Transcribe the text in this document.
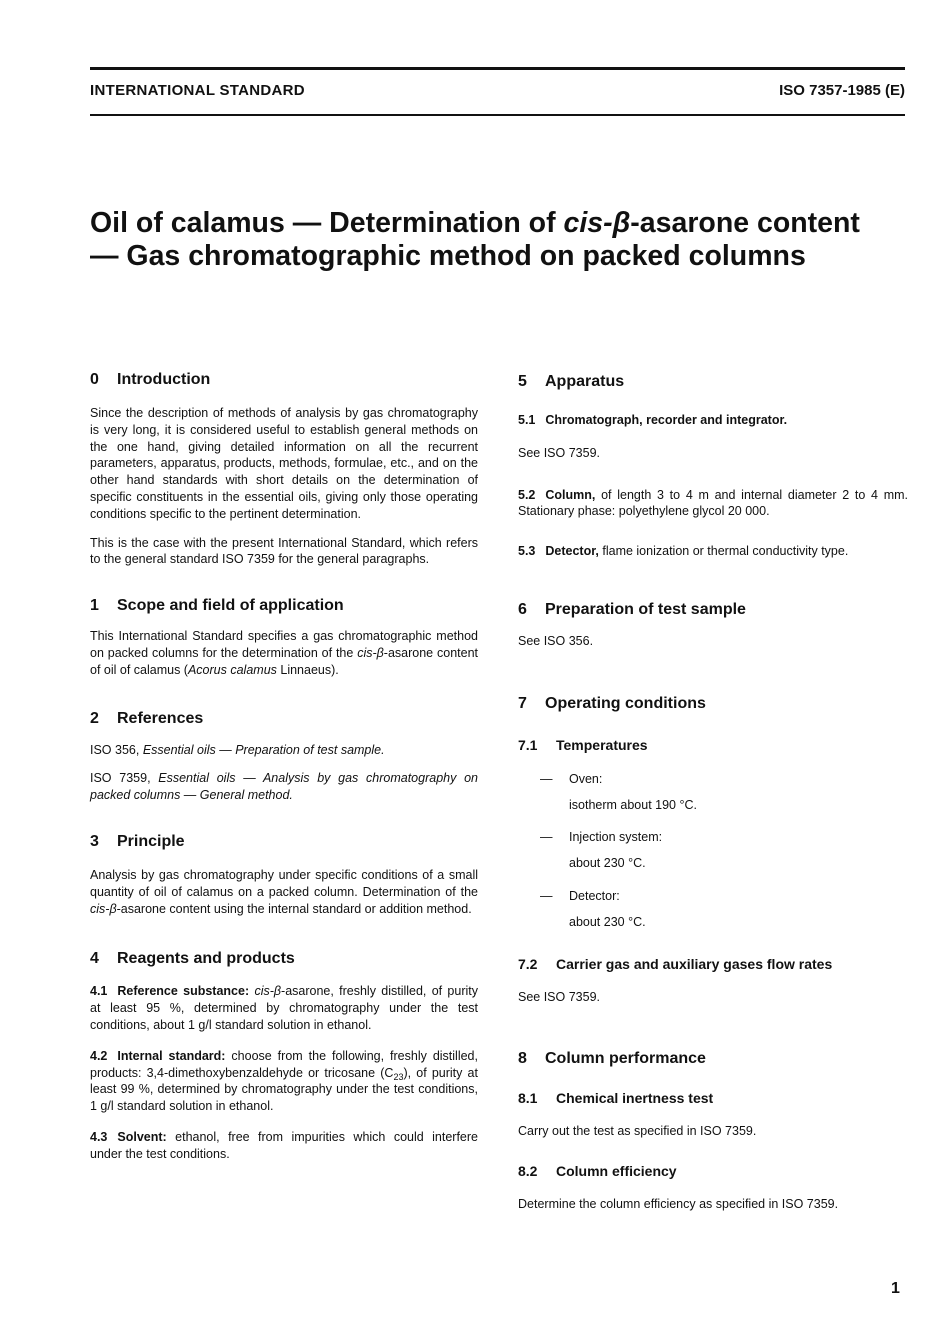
INTERNATIONAL STANDARD	ISO 7357-1985 (E)
Oil of calamus — Determination of cis-β-asarone content — Gas chromatographic method on packed columns
0	Introduction

Since the description of methods of analysis by gas chromatography is very long, it is considered useful to establish general methods on the one hand, giving detailed information on all the recurrent parameters, apparatus, products, methods, formulae, etc., and on the other hand standards with short details on the determination of specific constituents in the essential oils, giving only those operating conditions specific to the pertinent determination.

This is the case with the present International Standard, which refers to the general standard ISO 7359 for the general paragraphs.

1	Scope and field of application

This International Standard specifies a gas chromatographic method on packed columns for the determination of the cis-β-asarone content of oil of calamus (Acorus calamus Linnaeus).

2	References

ISO 356, Essential oils — Preparation of test sample.

ISO 7359, Essential oils — Analysis by gas chromatography on packed columns — General method.

3	Principle

Analysis by gas chromatography under specific conditions of a small quantity of oil of calamus on a packed column. Determination of the cis-β-asarone content using the internal standard or addition method.

4	Reagents and products

4.1 Reference substance: cis-β-asarone, freshly distilled, of purity at least 95 %, determined by chromatography under the test conditions, about 1 g/l standard solution in ethanol.

4.2 Internal standard: choose from the following, freshly distilled, products: 3,4-dimethoxybenzaldehyde or tricosane $(C_{23})$, of purity at least 99 %, determined by chromatography under the test conditions, 1 g/l standard solution in ethanol.

4.3 Solvent: ethanol, free from impurities which could interfere under the test conditions.

5	Apparatus
5.1 Chromatograph, recorder and integrator.

See ISO 7359.

5.2 Column, of length 3 to 4 m and internal diameter 2 to 4 mm. Stationary phase: polyethylene glycol 20 000.

5.3 Detector, flame ionization or thermal conductivity type.

6	Preparation of test sample

See ISO 356.

7	Operating conditions
7.1	Temperatures
—	Oven:
isotherm about 190 °C.
—	Injection system:
about 230 °C.
—	Detector:
about 230 °C.
7.2	Carrier gas and auxiliary gases flow rates

See ISO 7359.

8	Column performance
8.1	Chemical inertness test

Carry out the test as specified in ISO 7359.

8.2	Column efficiency

Determine the column efficiency as specified in ISO 7359.

1
